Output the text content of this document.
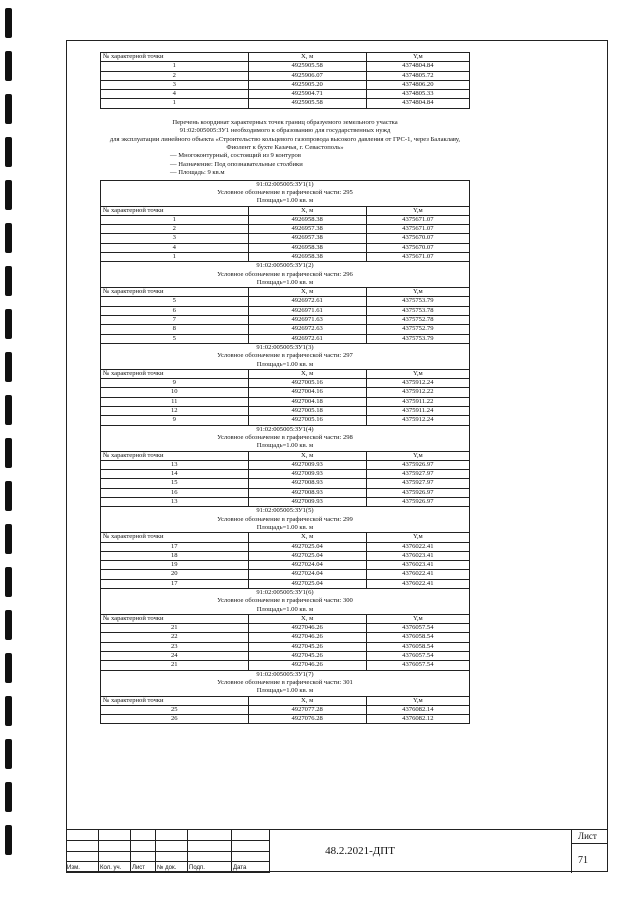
№ характерной точки	X, м	Y,м
1	4925905.58	4374804.84
2	4925906.07	4374805.72
3	4925905.20	4374806.20
4	4925904.71	4374805.33
1	4925905.58	4374804.84
Перечень координат характерных точек границ образуемого земельного участка
91:02:005005:ЗУ1 необходимого к образованию для государственных нужд
для эксплуатации линейного объекта «Строительство кольцевого газопровода высокого давления от ГРС-1, через Балаклаву,
Фиолент к бухте Казачья, г. Севастополь»
— Многоконтурный, состоящий из 9 контуров
— Назначение: Под опознавательные столбики
— Площадь: 9 кв.м
91:02:005005:ЗУ1(1)		
Условное обозначение в графической части: 295		
Площадь=1.00 кв. м		
№ характерной точки	X, м	Y,м
1	4926958.38	4375671.07
2	4926957.38	4375671.07
3	4926957.38	4375670.07
4	4926958.38	4375670.07
1	4926958.38	4375671.07
91:02:005005:ЗУ1(2)		
Условное обозначение в графической части: 296		
Площадь=1.00 кв. м		
№ характерной точки	X, м	Y,м
5	4926972.61	4375753.79
6	4926971.61	4375753.78
7	4926971.63	4375752.78
8	4926972.63	4375752.79
5	4926972.61	4375753.79
91:02:005005:ЗУ1(3)		
Условное обозначение в графической части: 297		
Площадь=1.00 кв. м		
№ характерной точки	X, м	Y,м
9	4927005.16	4375912.24
10	4927004.16	4375912.22
11	4927004.18	4375911.22
12	4927005.18	4375911.24
9	4927005.16	4375912.24
91:02:005005:ЗУ1(4)		
Условное обозначение в графической части: 298		
Площадь=1.00 кв. м		
№ характерной точки	X, м	Y,м
13	4927009.93	4375926.97
14	4927009.93	4375927.97
15	4927008.93	4375927.97
16	4927008.93	4375926.97
13	4927009.93	4375926.97
91:02:005005:ЗУ1(5)		
Условное обозначение в графической части: 299		
Площадь=1.00 кв. м		
№ характерной точки	X, м	Y,м
17	4927025.04	4376022.41
18	4927025.04	4376023.41
19	4927024.04	4376023.41
20	4927024.04	4376022.41
17	4927025.04	4376022.41
91:02:005005:ЗУ1(6)		
Условное обозначение в графической части: 300		
Площадь=1.00 кв. м		
№ характерной точки	X, м	Y,м
21	4927046.26	4376057.54
22	4927046.26	4376058.54
23	4927045.26	4376058.54
24	4927045.26	4376057.54
21	4927046.26	4376057.54
91:02:005005:ЗУ1(7)		
Условное обозначение в графической части: 301		
Площадь=1.00 кв. м		
№ характерной точки	X, м	Y,м
25	4927077.28	4376082.14
26	4927076.28	4376082.12
Изм.	Кол. уч. Лист № док. Подп.	Дата
48.2.2021-ДПТ
Лист
71
